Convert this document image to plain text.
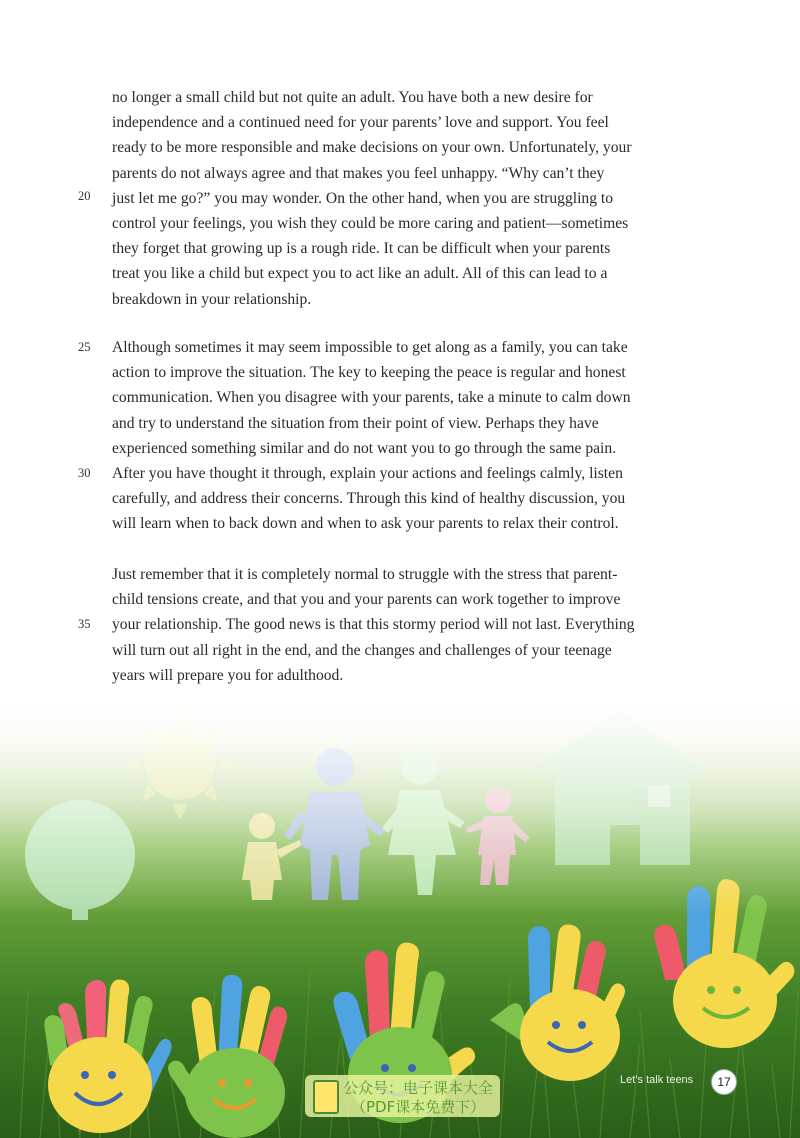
no longer a small child but not quite an adult. You have both a new desire for
independence and a continued need for your parents’ love and support. You feel
ready to be more responsible and make decisions on your own. Unfortunately, your
parents do not always agree and that makes you feel unhappy. “Why can’t they
just let me go?” you may wonder. On the other hand, when you are struggling to
control your feelings, you wish they could be more caring and patient—sometimes
they forget that growing up is a rough ride. It can be difficult when your parents
treat you like a child but expect you to act like an adult. All of this can lead to a
breakdown in your relationship.
Although sometimes it may seem impossible to get along as a family, you can take
action to improve the situation. The key to keeping the peace is regular and honest
communication. When you disagree with your parents, take a minute to calm down
and try to understand the situation from their point of view. Perhaps they have
experienced something similar and do not want you to go through the same pain.
After you have thought it through, explain your actions and feelings calmly, listen
carefully, and address their concerns. Through this kind of healthy discussion, you
will learn when to back down and when to ask your parents to relax their control.
Just remember that it is completely normal to struggle with the stress that parent-
child tensions create, and that you and your parents can work together to improve
your relationship. The good news is that this stormy period will not last. Everything
will turn out all right in the end, and the changes and challenges of your teenage
years will prepare you for adulthood.
20
25
30
35
公众号：电子课本大全
（PDF课本免费下）
Let’s talk teens	17
